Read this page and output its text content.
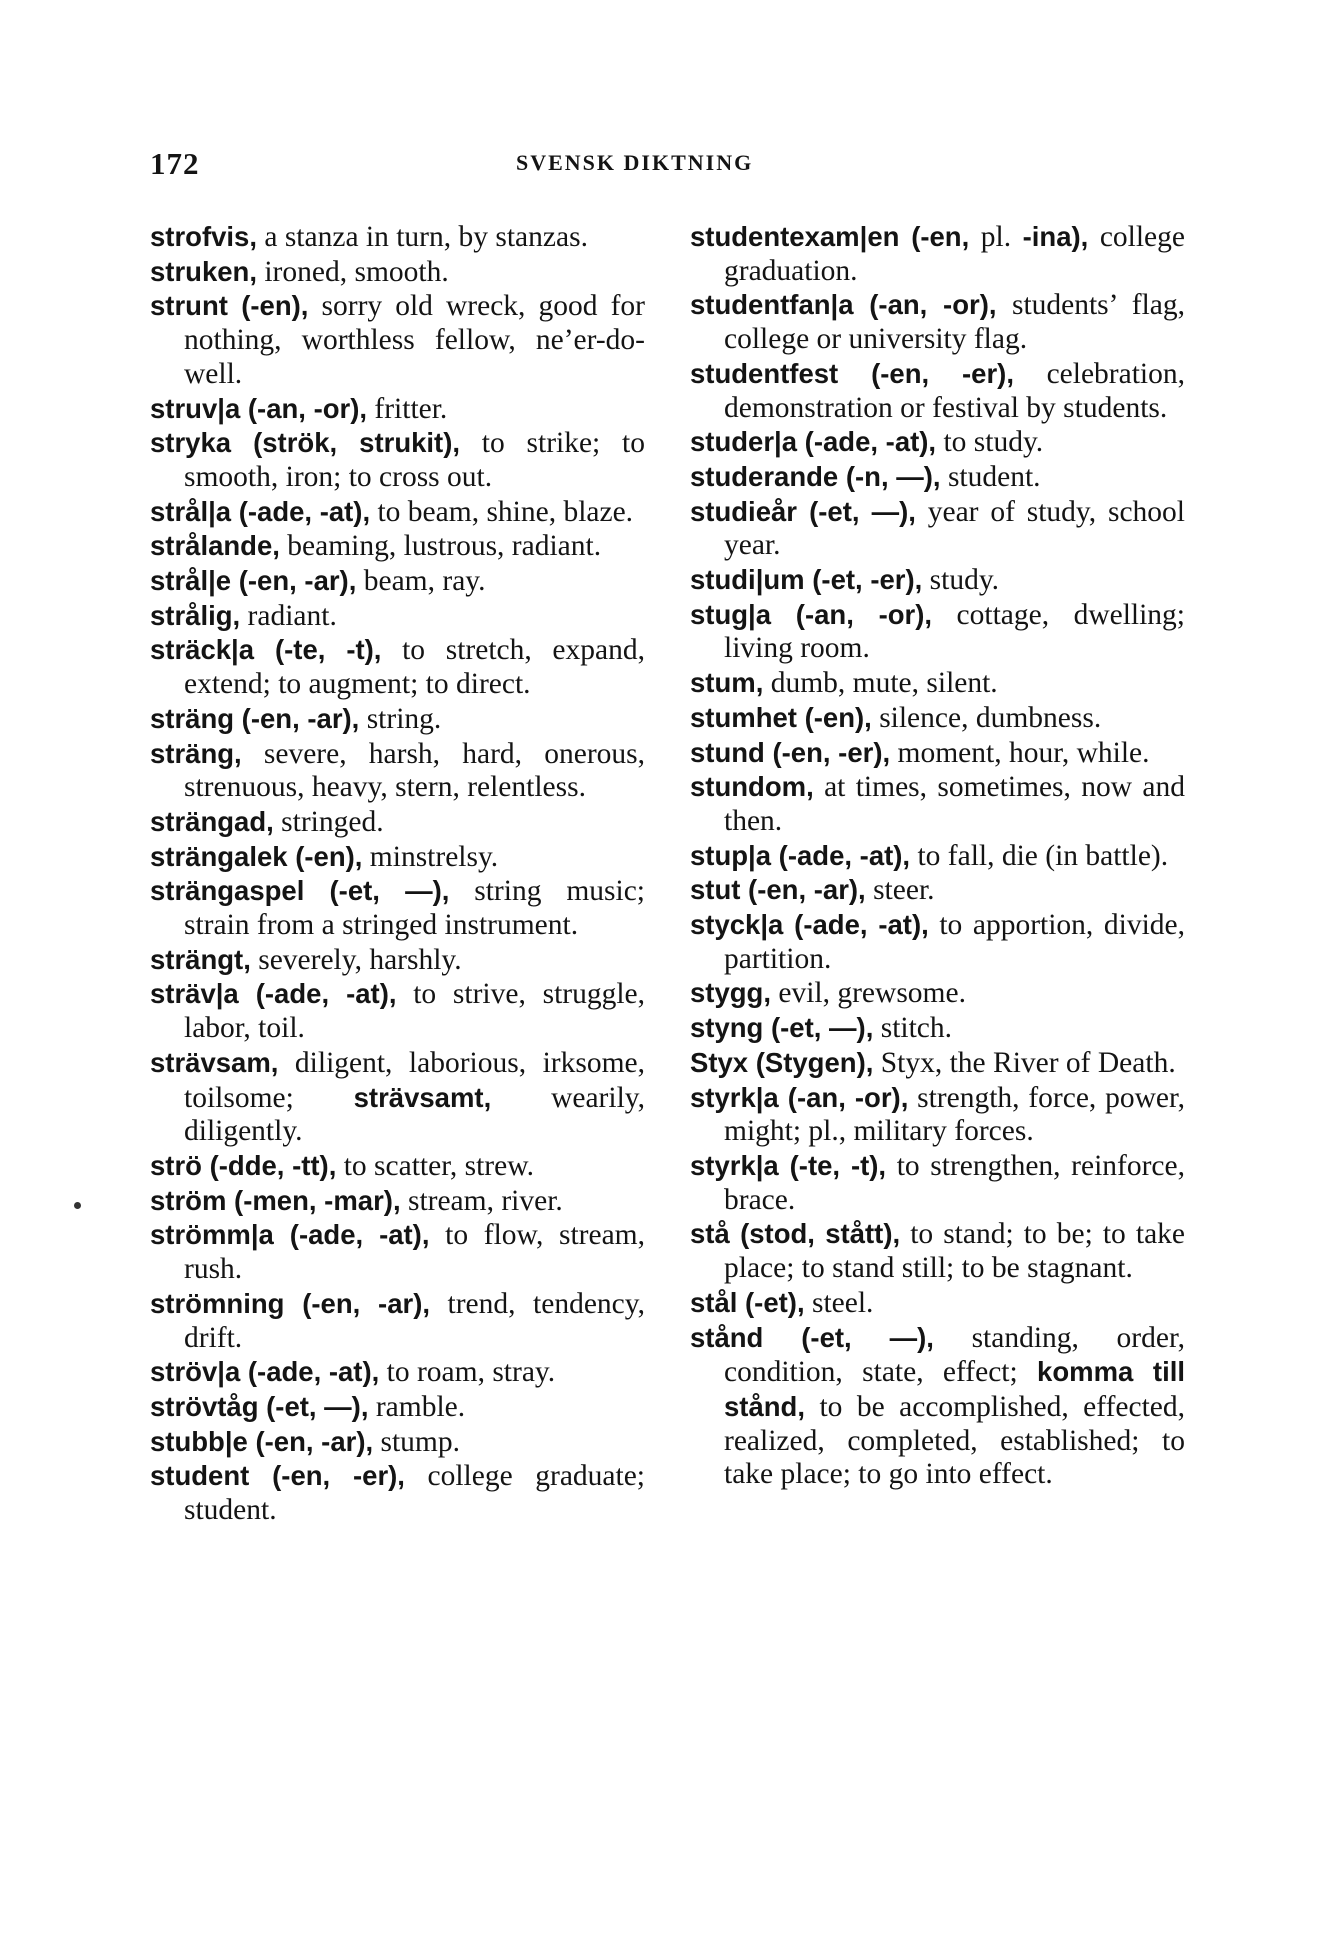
172	SVENSK DIKTNING

strofvis, a stanza in turn, by stanzas.

struken, ironed, smooth.

strunt (-en), sorry old wreck, good for nothing, worthless fellow, ne’er-do-well.

struv|a (-an, -or), fritter.

stryka (strök, strukit), to strike; to smooth, iron; to cross out.

strål|a (-ade, -at), to beam, shine, blaze.

strålande, beaming, lustrous, radiant.

strål|e (-en, -ar), beam, ray.

strålig, radiant.

sträck|a (-te, -t), to stretch, expand, extend; to augment; to direct.

sträng (-en, -ar), string.

sträng, severe, harsh, hard, onerous, strenuous, heavy, stern, relentless.

strängad, stringed.

strängalek (-en), minstrelsy.

strängaspel (-et, —), string music; strain from a stringed instrument.

strängt, severely, harshly.

sträv|a (-ade, -at), to strive, struggle, labor, toil.

strävsam, diligent, laborious, irksome, toilsome; strävsamt, wearily, diligently.

strö (-dde, -tt), to scatter, strew.

ström (-men, -mar), stream, river.

strömm|a (-ade, -at), to flow, stream, rush.

strömning (-en, -ar), trend, tendency, drift.

ströv|a (-ade, -at), to roam, stray.

strövtåg (-et, —), ramble.

stubb|e (-en, -ar), stump.

student (-en, -er), college graduate; student.

studentexam|en (-en, pl. -ina), college graduation.

studentfan|a (-an, -or), students’ flag, college or university flag.

studentfest (-en, -er), celebration, demonstration or festival by students.

studer|a (-ade, -at), to study.

studerande (-n, —), student.

studieår (-et, —), year of study, school year.

studi|um (-et, -er), study.

stug|a (-an, -or), cottage, dwelling; living room.

stum, dumb, mute, silent.

stumhet (-en), silence, dumbness.

stund (-en, -er), moment, hour, while.

stundom, at times, sometimes, now and then.

stup|a (-ade, -at), to fall, die (in battle).

stut (-en, -ar), steer.

styck|a (-ade, -at), to apportion, divide, partition.

stygg, evil, grewsome.

styng (-et, —), stitch.

Styx (Stygen), Styx, the River of Death.

styrk|a (-an, -or), strength, force, power, might; pl., military forces.

styrk|a (-te, -t), to strengthen, reinforce, brace.

stå (stod, stått), to stand; to be; to take place; to stand still; to be stagnant.

stål (-et), steel.

stånd (-et, —), standing, order, condition, state, effect; komma till stånd, to be accomplished, effected, realized, completed, established; to take place; to go into effect.
